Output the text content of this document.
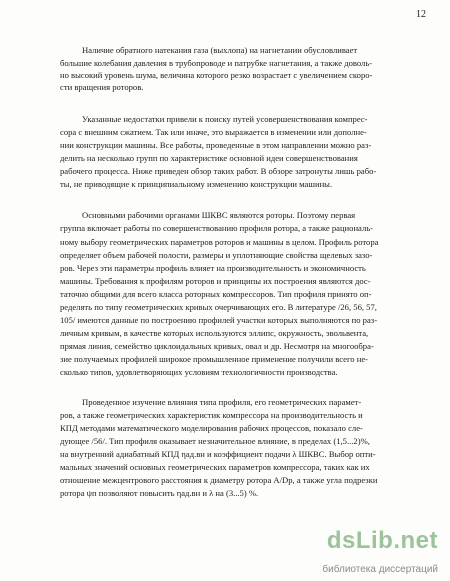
12
Наличие обратного натекания газа (выхлопа) на нагнетании обусловливает
большие колебания давления в трубопроводе и патрубке нагнетания, а также доволь-
но высокий уровень шума, величина которого резко возрастает с увеличением скоро-
сти вращения роторов.
Указанные недостатки привели к поиску путей усовершенствования компрес-
сора с внешним сжатием. Так или иначе, это выражается в изменении или дополне-
нии конструкции машины. Все работы, проведенные в этом направлении можно раз-
делить на несколько групп по характеристике основной идеи совершенствования
рабочего процесса. Ниже приведен обзор таких работ. В обзоре затронуты лишь рабо-
ты, не приводящие к принципиальному изменению конструкции машины.
Основными рабочими органами ШКВС являются роторы. Поэтому первая
группа включает работы по совершенствованию профиля ротора, а также рациональ-
ному выбору геометрических параметров роторов и машины в целом. Профиль ротора
определяет объем рабочей полости, размеры и уплотняющие свойства щелевых зазо-
ров. Через эти параметры профиль влияет на производительность и экономичность
машины. Требования к профилям роторов и принципы их построения являются дос-
таточно общими для всего класса роторных компрессоров. Тип профиля принято оп-
ределять по типу геометрических кривых очерчивающих его. В литературе /26, 56, 57,
105/ имеются данные по построению профилей участки которых выполняются по раз-
личным кривым, в качестве которых используются эллипс, окружность, эвольвента,
прямая линия, семейство циклоидальных кривых, овал и др. Несмотря на многообра-
зие получаемых профилей широкое промышленное применение получили всего не-
сколько типов, удовлетворяющих условиям технологичности производства.
Проведенное изучение влияния типа профиля, его геометрических парамет-
ров, а также геометрических характеристик компрессора на производительность и
КПД методами математического моделирования рабочих процессов, показало сле-
дующее /56/. Тип профиля оказывает незначительное влияние, в пределах (1,5...2)%,
на внутренний адиабатный КПД ηад.вн и коэффициент подачи λ ШКВС. Выбор опти-
мальных значений основных геометрических параметров компрессора, таких как их
отношение межцентрового расстояния к диаметру ротора A/Dp, а также угла подрезки
ротора ψп позволяют повысить ηад.вн и λ на (3...5) %.
dsLib.net
библиотека диссертаций
